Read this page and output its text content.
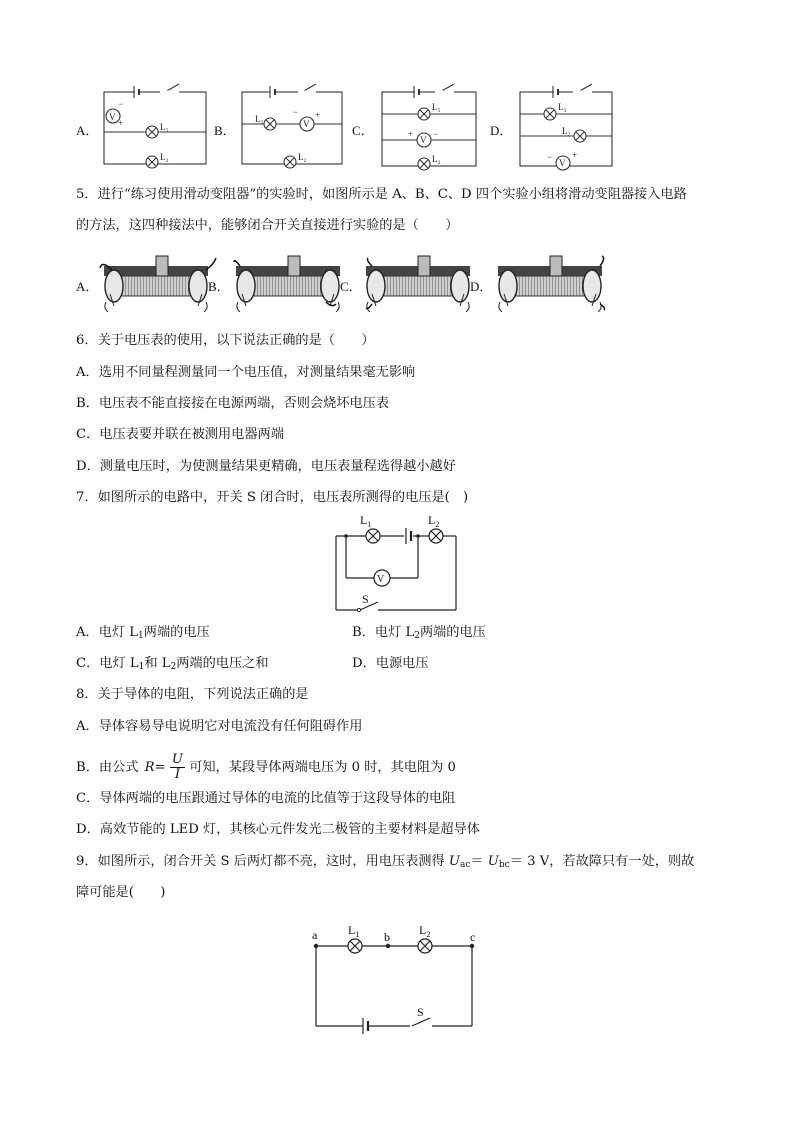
A．	B．	C．	D．
V
−
+	L₁
L₂
L₁	V
− +
L₂
L₁
V
+ −
L₂
L₁
L₂
V
− +
5．进行“练习使用滑动变阻器”的实验时，如图所示是 A、B、C、D 四个实验小组将滑动变阻器接入电路
的方法，这四种接法中，能够闭合开关直接进行实验的是（　　）
A．	B．	C．	D．
6．关于电压表的使用，以下说法正确的是（　　）
A．选用不同量程测量同一个电压值，对测量结果毫无影响
B．电压表不能直接接在电源两端，否则会烧坏电压表
C．电压表要并联在被测用电器两端
D．测量电压时，为使测量结果更精确，电压表量程选得越小越好
7．如图所示的电路中，开关 S 闭合时，电压表所测得的电压是(　)
$L_1$	$L_2$
V
S
A．电灯 $L_1$两端的电压	B．电灯 $L_2$两端的电压
C．电灯 $L_1$和 $L_2$两端的电压之和	D．电源电压
8．关于导体的电阻，下列说法正确的是
A．导体容易导电说明它对电流没有任何阻碍作用
B．由公式 $R= \frac{U}{I}$ 可知，某段导体两端电压为 0 时，其电阻为 0
C．导体两端的电压跟通过导体的电流的比值等于这段导体的电阻
D．高效节能的 LED 灯，其核心元件发光二极管的主要材料是超导体
9．如图所示，闭合开关 S 后两灯都不亮，这时，用电压表测得 $U_{ac}= U_{bc}= 3$ V，若故障只有一处，则故
障可能是(　　)
a	b	c
$L_1$	$L_2$
S
